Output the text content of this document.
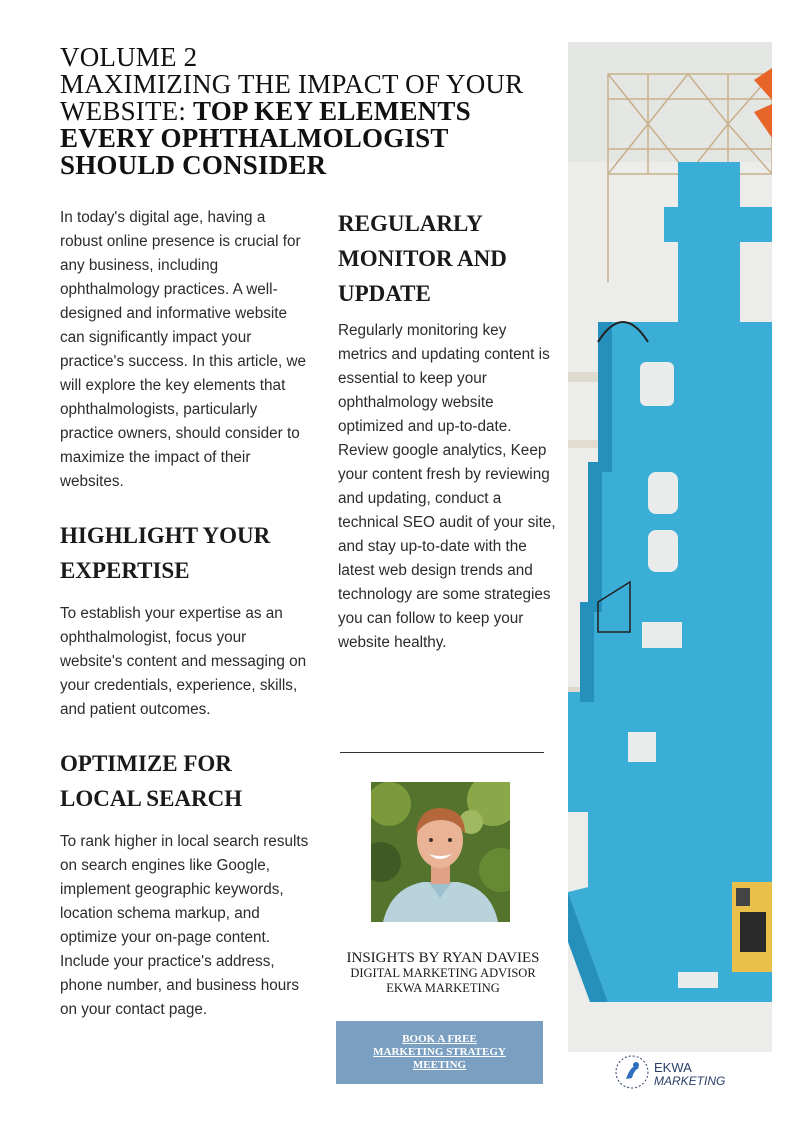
VOLUME 2
MAXIMIZING THE IMPACT OF YOUR WEBSITE: TOP KEY ELEMENTS EVERY OPHTHALMOLOGIST SHOULD CONSIDER

In today's digital age, having a robust online presence is crucial for any business, including ophthalmology practices. A well-designed and informative website can significantly impact your practice's success. In this article, we will explore the key elements that ophthalmologists, particularly practice owners, should consider to maximize the impact of their websites.

HIGHLIGHT YOUR EXPERTISE

To establish your expertise as an ophthalmologist, focus your website's content and messaging on your credentials, experience, skills, and patient outcomes.

OPTIMIZE FOR LOCAL SEARCH

To rank higher in local search results on search engines like Google, implement geographic keywords, location schema markup, and optimize your on-page content.

Include your practice's address, phone number, and business hours on your contact page.

REGULARLY MONITOR AND UPDATE

Regularly monitoring key metrics and updating content is essential to keep your ophthalmology website optimized and up-to-date. Review google analytics, Keep your content fresh by reviewing and updating, conduct a technical SEO audit of your site, and stay up-to-date with the latest web design trends and technology are some strategies you can follow to keep your website healthy.

INSIGHTS BY RYAN DAVIES
DIGITAL MARKETING ADVISOR
EKWA MARKETING
BOOK A FREE
MARKETING STRATEGY
MEETING	EKWA
MARKETING
